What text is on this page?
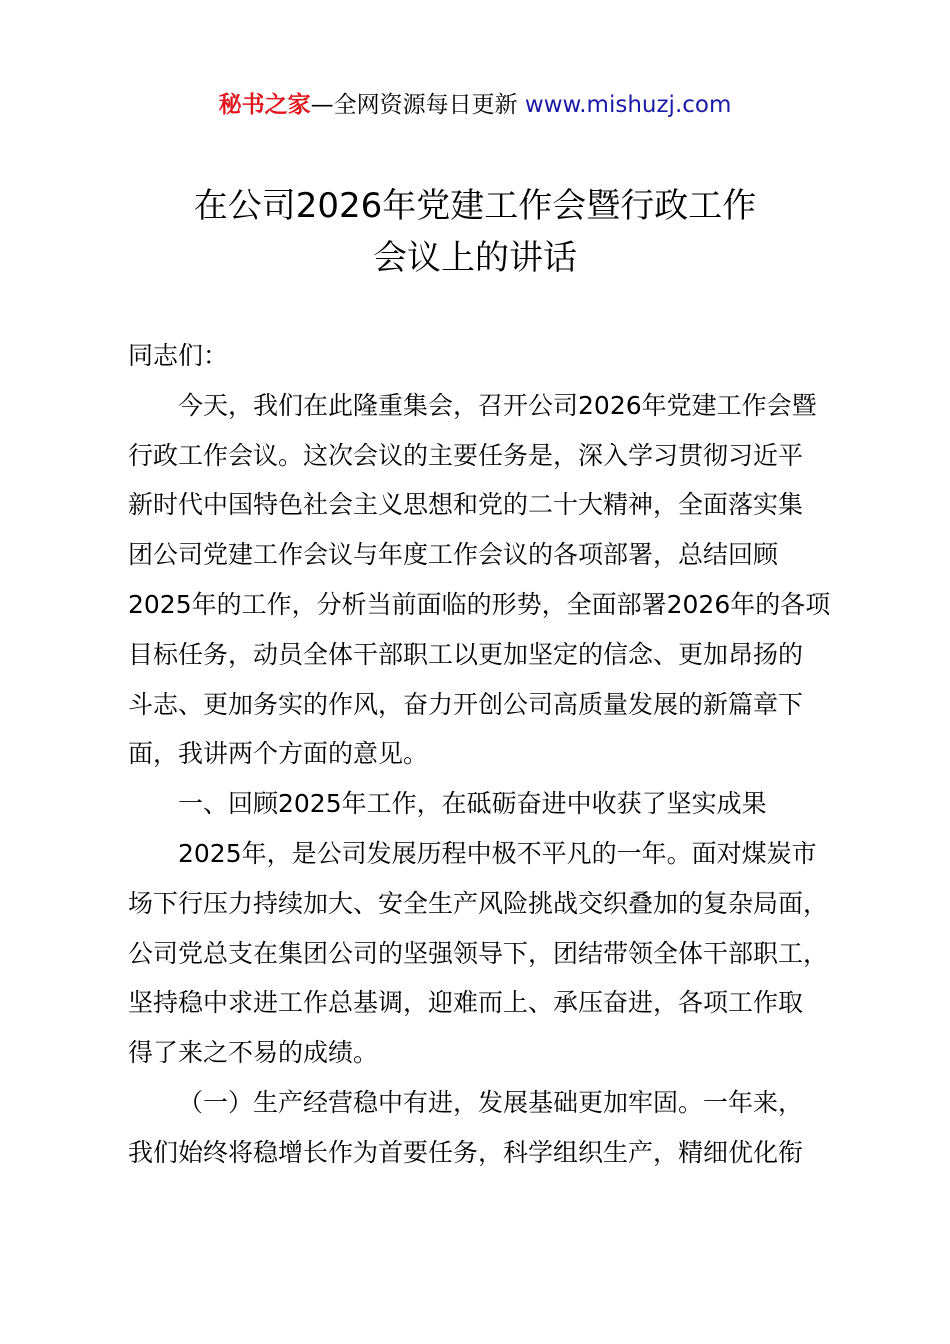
秘书之家—全网资源每日更新 www.mishuzj.com
在公司2026年党建工作会暨行政工作
会议上的讲话
同志们：
今天，我们在此隆重集会，召开公司2026年党建工作会暨
行政工作会议。这次会议的主要任务是，深入学习贯彻习近平
新时代中国特色社会主义思想和党的二十大精神，全面落实集
团公司党建工作会议与年度工作会议的各项部署，总结回顾
2025年的工作，分析当前面临的形势，全面部署2026年的各项
目标任务，动员全体干部职工以更加坚定的信念、更加昂扬的
斗志、更加务实的作风，奋力开创公司高质量发展的新篇章下
面，我讲两个方面的意见。
一、回顾2025年工作，在砥砺奋进中收获了坚实成果
2025年，是公司发展历程中极不平凡的一年。面对煤炭市
场下行压力持续加大、安全生产风险挑战交织叠加的复杂局面，
公司党总支在集团公司的坚强领导下，团结带领全体干部职工，
坚持稳中求进工作总基调，迎难而上、承压奋进，各项工作取
得了来之不易的成绩。
（一）生产经营稳中有进，发展基础更加牢固。一年来，
我们始终将稳增长作为首要任务，科学组织生产，精细优化衔
